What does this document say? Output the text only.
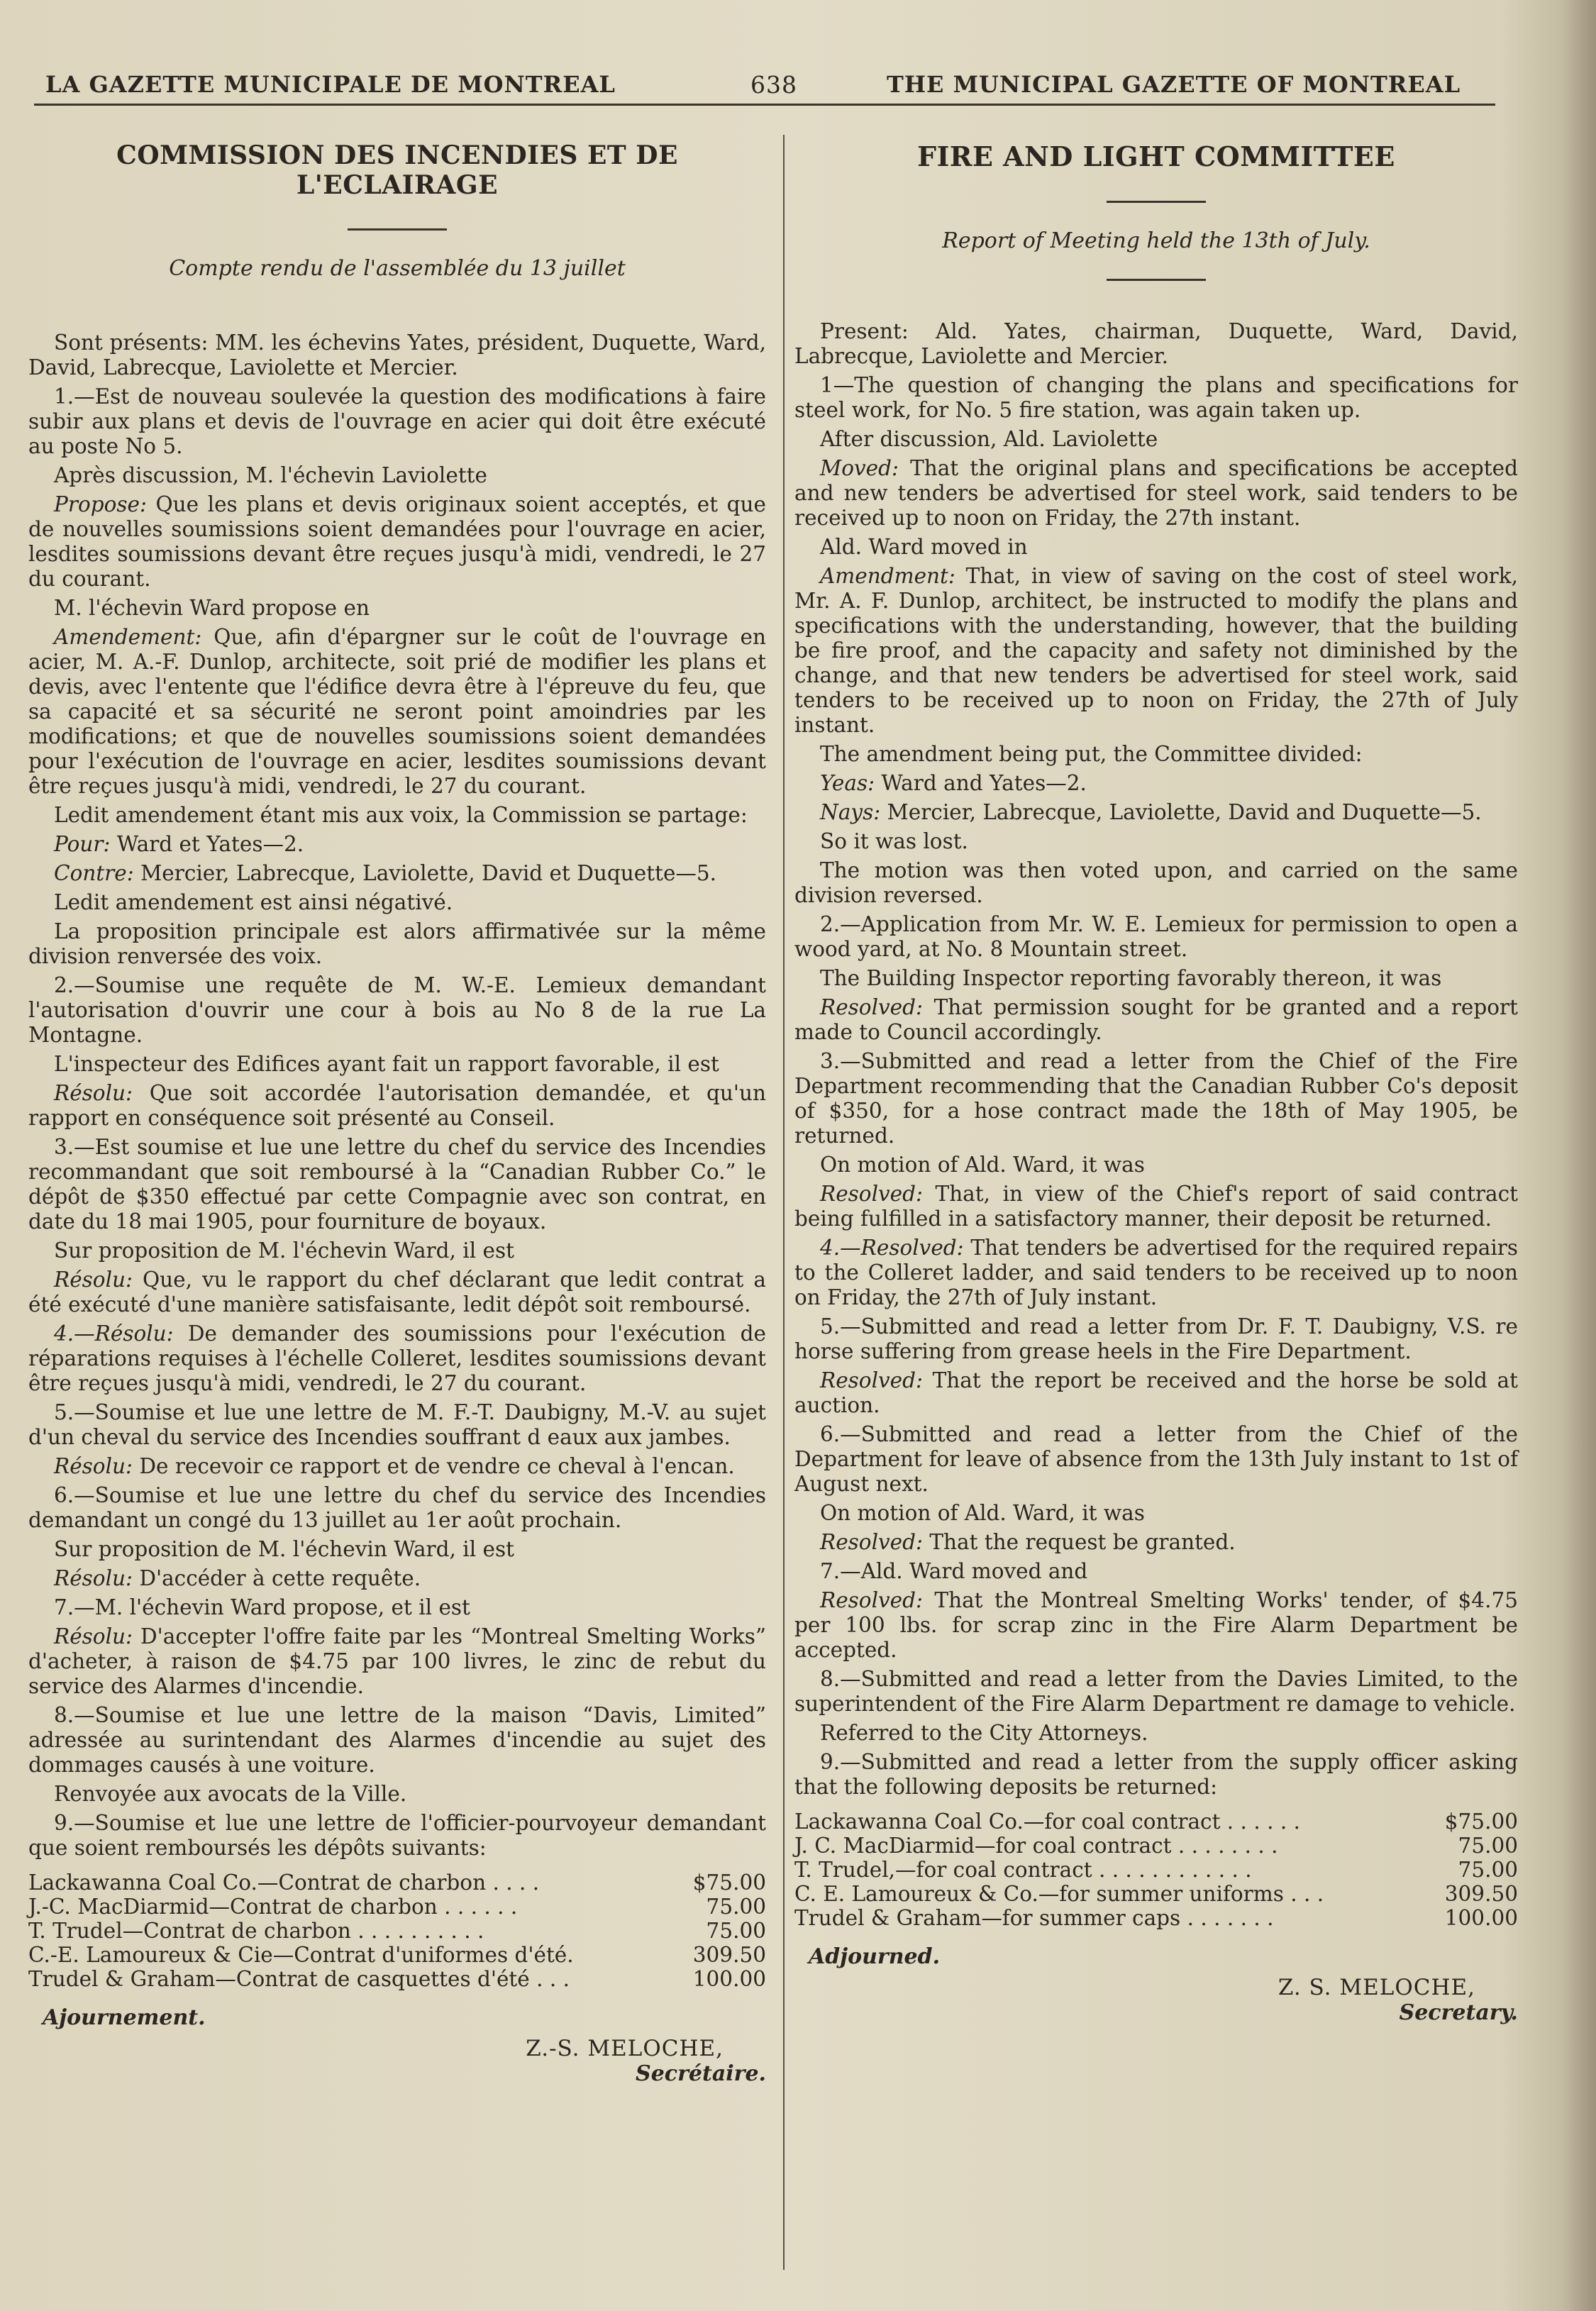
LA GAZETTE MUNICIPALE DE MONTREAL	638	THE MUNICIPAL GAZETTE OF MONTREAL
COMMISSION DES INCENDIES ET DE L'ECLAIRAGE
Compte rendu de l'assemblée du 13 juillet

Sont présents: MM. les échevins Yates, président, Duquette, Ward, David, Labrecque, Laviolette et Mercier.

1.—Est de nouveau soulevée la question des modifications à faire subir aux plans et devis de l'ouvrage en acier qui doit être exécuté au poste No 5.

Après discussion, M. l'échevin Laviolette

Propose: Que les plans et devis originaux soient acceptés, et que de nouvelles soumissions soient demandées pour l'ouvrage en acier, lesdites soumissions devant être reçues jusqu'à midi, vendredi, le 27 du courant.

M. l'échevin Ward propose en

Amendement: Que, afin d'épargner sur le coût de l'ouvrage en acier, M. A.-F. Dunlop, architecte, soit prié de modifier les plans et devis, avec l'entente que l'édifice devra être à l'épreuve du feu, que sa capacité et sa sécurité ne seront point amoindries par les modifications; et que de nouvelles soumissions soient demandées pour l'exécution de l'ouvrage en acier, lesdites soumissions devant être reçues jusqu'à midi, vendredi, le 27 du courant.

Ledit amendement étant mis aux voix, la Commission se partage:

Pour: Ward et Yates—2.

Contre: Mercier, Labrecque, Laviolette, David et Duquette—5.

Ledit amendement est ainsi négativé.

La proposition principale est alors affirmativée sur la même division renversée des voix.

2.—Soumise une requête de M. W.-E. Lemieux demandant l'autorisation d'ouvrir une cour à bois au No 8 de la rue La Montagne.

L'inspecteur des Edifices ayant fait un rapport favorable, il est

Résolu: Que soit accordée l'autorisation demandée, et qu'un rapport en conséquence soit présenté au Conseil.

3.—Est soumise et lue une lettre du chef du service des Incendies recommandant que soit remboursé à la “Canadian Rubber Co.” le dépôt de $350 effectué par cette Compagnie avec son contrat, en date du 18 mai 1905, pour fourniture de boyaux.

Sur proposition de M. l'échevin Ward, il est

Résolu: Que, vu le rapport du chef déclarant que ledit contrat a été exécuté d'une manière satisfaisante, ledit dépôt soit remboursé.

4.—Résolu: De demander des soumissions pour l'exécution de réparations requises à l'échelle Colleret, lesdites soumissions devant être reçues jusqu'à midi, vendredi, le 27 du courant.

5.—Soumise et lue une lettre de M. F.-T. Daubigny, M.-V. au sujet d'un cheval du service des Incendies souffrant d eaux aux jambes.

Résolu: De recevoir ce rapport et de vendre ce cheval à l'encan.

6.—Soumise et lue une lettre du chef du service des Incendies demandant un congé du 13 juillet au 1er août prochain.

Sur proposition de M. l'échevin Ward, il est

Résolu: D'accéder à cette requête.

7.—M. l'échevin Ward propose, et il est

Résolu: D'accepter l'offre faite par les “Montreal Smelting Works” d'acheter, à raison de $4.75 par 100 livres, le zinc de rebut du service des Alarmes d'incendie.

8.—Soumise et lue une lettre de la maison “Davis, Limited” adressée au surintendant des Alarmes d'incendie au sujet des dommages causés à une voiture.

Renvoyée aux avocats de la Ville.

9.—Soumise et lue une lettre de l'officier-pourvoyeur demandant que soient remboursés les dépôts suivants:

Lackawanna Coal Co.—Contrat de charbon . . . .	$75.00
J.-C. MacDiarmid—Contrat de charbon . . . . . .	75.00
T. Trudel—Contrat de charbon . . . . . . . . . .	75.00
C.-E. Lamoureux & Cie—Contrat d'uniformes d'été.	309.50
Trudel & Graham—Contrat de casquettes d'été . . .	100.00
Ajournement.
Z.-S. MELOCHE,
Secrétaire.
FIRE AND LIGHT COMMITTEE
Report of Meeting held the 13th of July.

Present: Ald. Yates, chairman, Duquette, Ward, David, Labrecque, Laviolette and Mercier.

1—The question of changing the plans and specifications for steel work, for No. 5 fire station, was again taken up.

After discussion, Ald. Laviolette

Moved: That the original plans and specifications be accepted and new tenders be advertised for steel work, said tenders to be received up to noon on Friday, the 27th instant.

Ald. Ward moved in

Amendment: That, in view of saving on the cost of steel work, Mr. A. F. Dunlop, architect, be instructed to modify the plans and specifications with the understanding, however, that the building be fire proof, and the capacity and safety not diminished by the change, and that new tenders be advertised for steel work, said tenders to be received up to noon on Friday, the 27th of July instant.

The amendment being put, the Committee divided:

Yeas: Ward and Yates—2.

Nays: Mercier, Labrecque, Laviolette, David and Duquette—5.

So it was lost.

The motion was then voted upon, and carried on the same division reversed.

2.—Application from Mr. W. E. Lemieux for permission to open a wood yard, at No. 8 Mountain street.

The Building Inspector reporting favorably thereon, it was

Resolved: That permission sought for be granted and a report made to Council accordingly.

3.—Submitted and read a letter from the Chief of the Fire Department recommending that the Canadian Rubber Co's deposit of $350, for a hose contract made the 18th of May 1905, be returned.

On motion of Ald. Ward, it was

Resolved: That, in view of the Chief's report of said contract being fulfilled in a satisfactory manner, their deposit be returned.

4.—Resolved: That tenders be advertised for the required repairs to the Colleret ladder, and said tenders to be received up to noon on Friday, the 27th of July instant.

5.—Submitted and read a letter from Dr. F. T. Daubigny, V.S. re horse suffering from grease heels in the Fire Department.

Resolved: That the report be received and the horse be sold at auction.

6.—Submitted and read a letter from the Chief of the Department for leave of absence from the 13th July instant to 1st of August next.

On motion of Ald. Ward, it was

Resolved: That the request be granted.

7.—Ald. Ward moved and

Resolved: That the Montreal Smelting Works' tender, of $4.75 per 100 lbs. for scrap zinc in the Fire Alarm Department be accepted.

8.—Submitted and read a letter from the Davies Limited, to the superintendent of the Fire Alarm Department re damage to vehicle.

Referred to the City Attorneys.

9.—Submitted and read a letter from the supply officer asking that the following deposits be returned:

Lackawanna Coal Co.—for coal contract . . . . . .	$75.00
J. C. MacDiarmid—for coal contract . . . . . . . .	75.00
T. Trudel,—for coal contract . . . . . . . . . . . .	75.00
C. E. Lamoureux & Co.—for summer uniforms . . .	309.50
Trudel & Graham—for summer caps . . . . . . .	100.00
Adjourned.
Z. S. MELOCHE,
Secretary.
